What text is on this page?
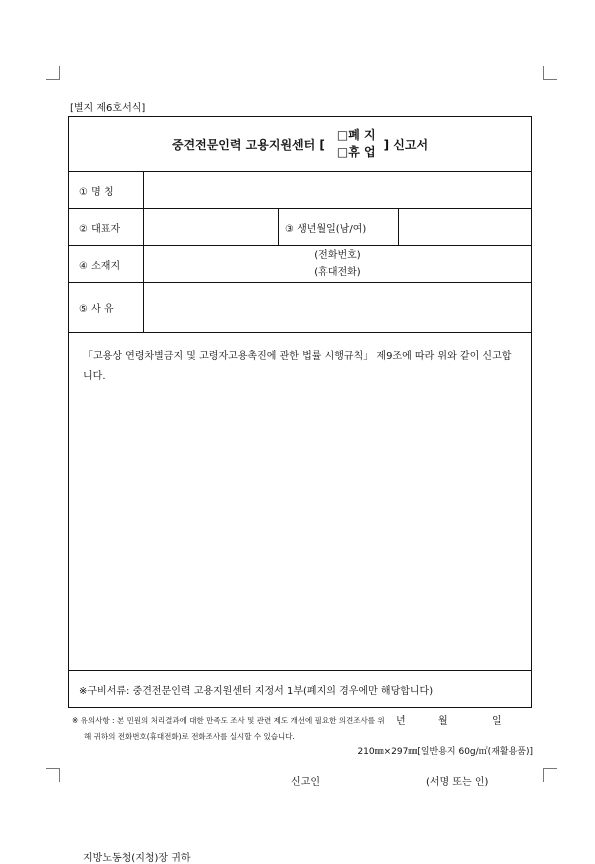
[별지 제6호서식]
중견전문인력 고용지원센터 [
□폐 지
□휴 업
] 신고서
① 명 칭
② 대표자	③ 생년월일(남/여)
④ 소재지
(전화번호)
(휴대전화)
⑤ 사 유
「고용상 연령차별금지 및 고령자고용촉진에 관한 법률 시행규칙」 제9조에 따라 위와 같이 신고합니다.
년	월	일
신고인	(서명 또는 인)
지방노동청(지청)장 귀하
※구비서류: 중견전문인력 고용지원센터 지정서 1부(폐지의 경우에만 해당합니다)
※ 유의사항 : 본 민원의 처리결과에 대한 만족도 조사 및 관련 제도 개선에 필요한 의견조사를 위
해 귀하의 전화번호(휴대전화)로 전화조사를 실시할 수 있습니다.
210㎜×297㎜[일반용지 60g/㎡(재활용품)]
